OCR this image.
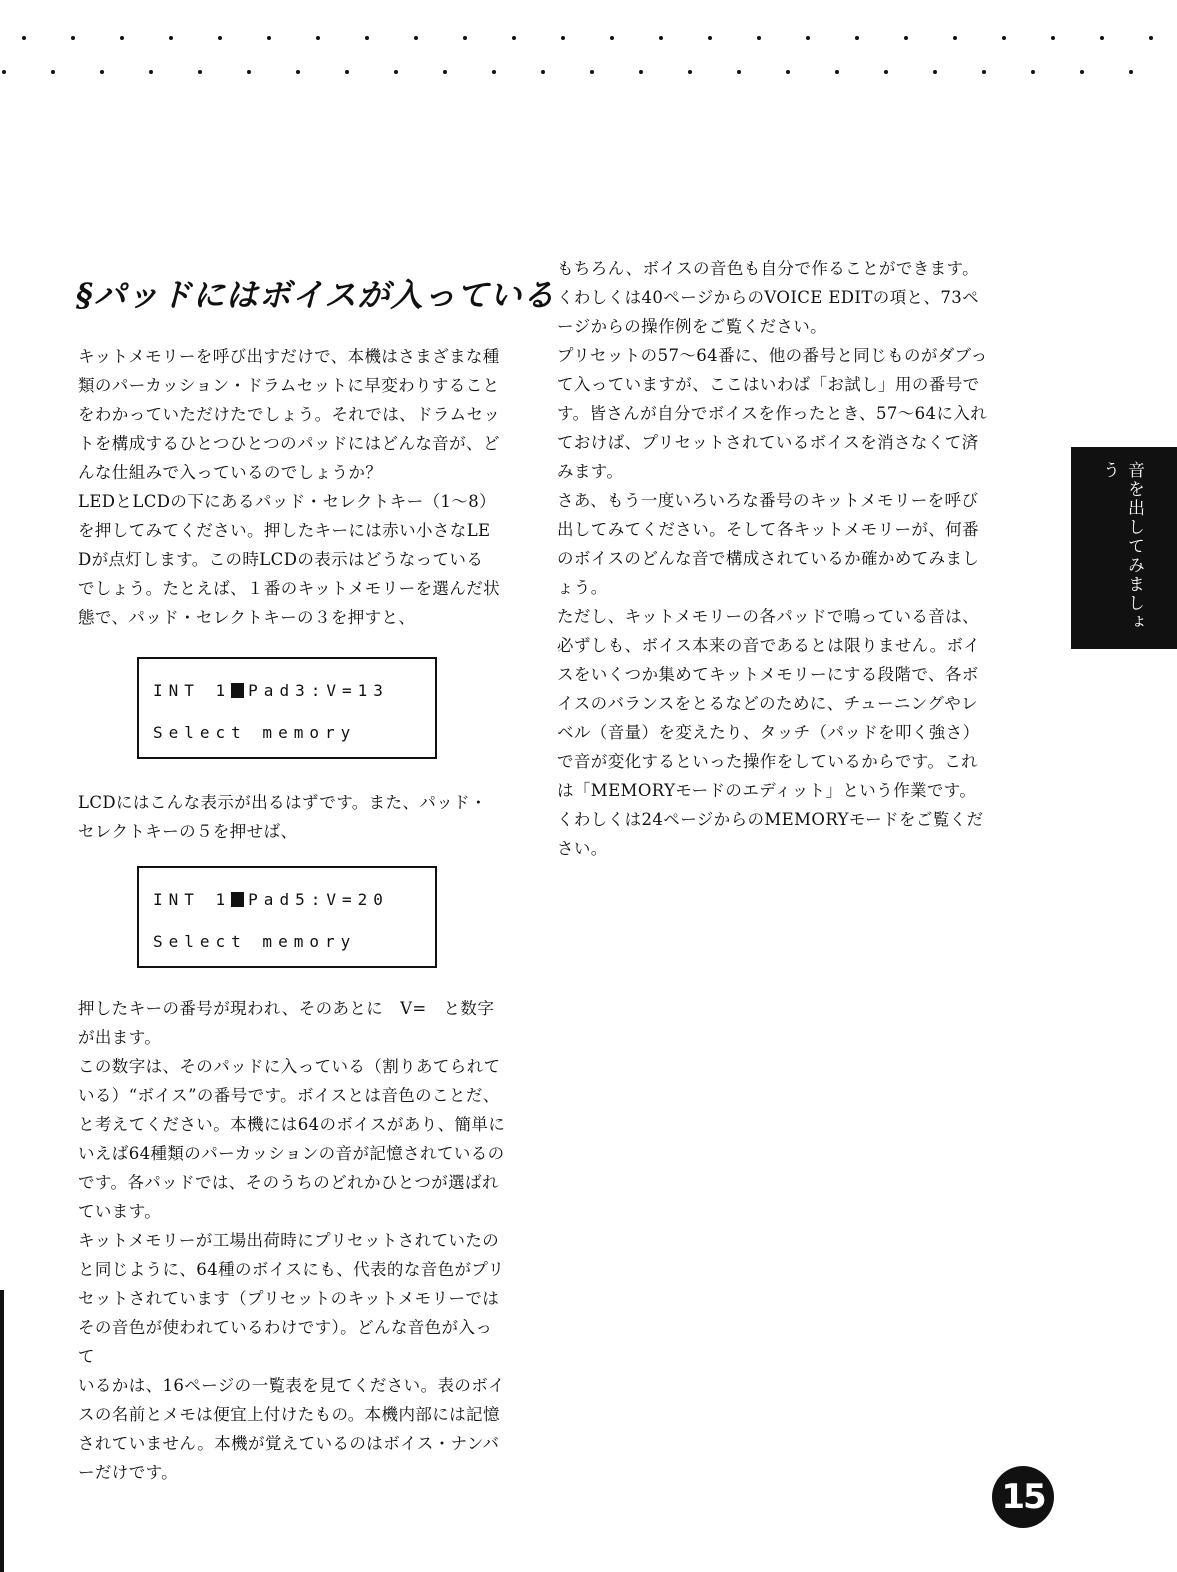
§パッドにはボイスが入っている

キットメモリーを呼び出すだけで、本機はさまざまな種
類のパーカッション・ドラムセットに早変わりすること
をわかっていただけたでしょう。それでは、ドラムセッ
トを構成するひとつひとつのパッドにはどんな音が、ど
んな仕組みで入っているのでしょうか？

LEDとLCDの下にあるパッド・セレクトキー（1～8）
を押してみてください。押したキーには赤い小さなLE
Dが点灯します。この時LCDの表示はどうなっている
でしょう。たとえば、１番のキットメモリーを選んだ状
態で、パッド・セレクトキーの３を押すと、

INT 1 Pad3:V=13
Select memory

LCDにはこんな表示が出るはずです。また、パッド・
セレクトキーの５を押せば、

INT 1 Pad5:V=20
Select memory

押したキーの番号が現われ、そのあとに　V=　と数字
が出ます。

この数字は、そのパッドに入っている（割りあてられて
いる）“ボイス”の番号です。ボイスとは音色のことだ、
と考えてください。本機には64のボイスがあり、簡単に
いえば64種類のパーカッションの音が記憶されているの
です。各パッドでは、そのうちのどれかひとつが選ばれ
ています。

キットメモリーが工場出荷時にプリセットされていたの
と同じように、64種のボイスにも、代表的な音色がプリ
セットされています（プリセットのキットメモリーでは
その音色が使われているわけです）。どんな音色が入って
いるかは、16ページの一覧表を見てください。表のボイ
スの名前とメモは便宜上付けたもの。本機内部には記憶
されていません。本機が覚えているのはボイス・ナンバ
ーだけです。

もちろん、ボイスの音色も自分で作ることができます。
くわしくは40ページからのVOICE EDITの項と、73ペ
ージからの操作例をご覧ください。

プリセットの57～64番に、他の番号と同じものがダブっ
て入っていますが、ここはいわば「お試し」用の番号で
す。皆さんが自分でボイスを作ったとき、57～64に入れ
ておけば、プリセットされているボイスを消さなくて済
みます。

さあ、もう一度いろいろな番号のキットメモリーを呼び
出してみてください。そして各キットメモリーが、何番
のボイスのどんな音で構成されているか確かめてみまし
ょう。

ただし、キットメモリーの各パッドで鳴っている音は、
必ずしも、ボイス本来の音であるとは限りません。ボイ
スをいくつか集めてキットメモリーにする段階で、各ボ
イスのバランスをとるなどのために、チューニングやレ
ベル（音量）を変えたり、タッチ（パッドを叩く強さ）
で音が変化するといった操作をしているからです。これ
は「MEMORYモードのエディット」という作業です。
くわしくは24ページからのMEMORYモードをご覧くだ
さい。

音を出してみましょう
15
